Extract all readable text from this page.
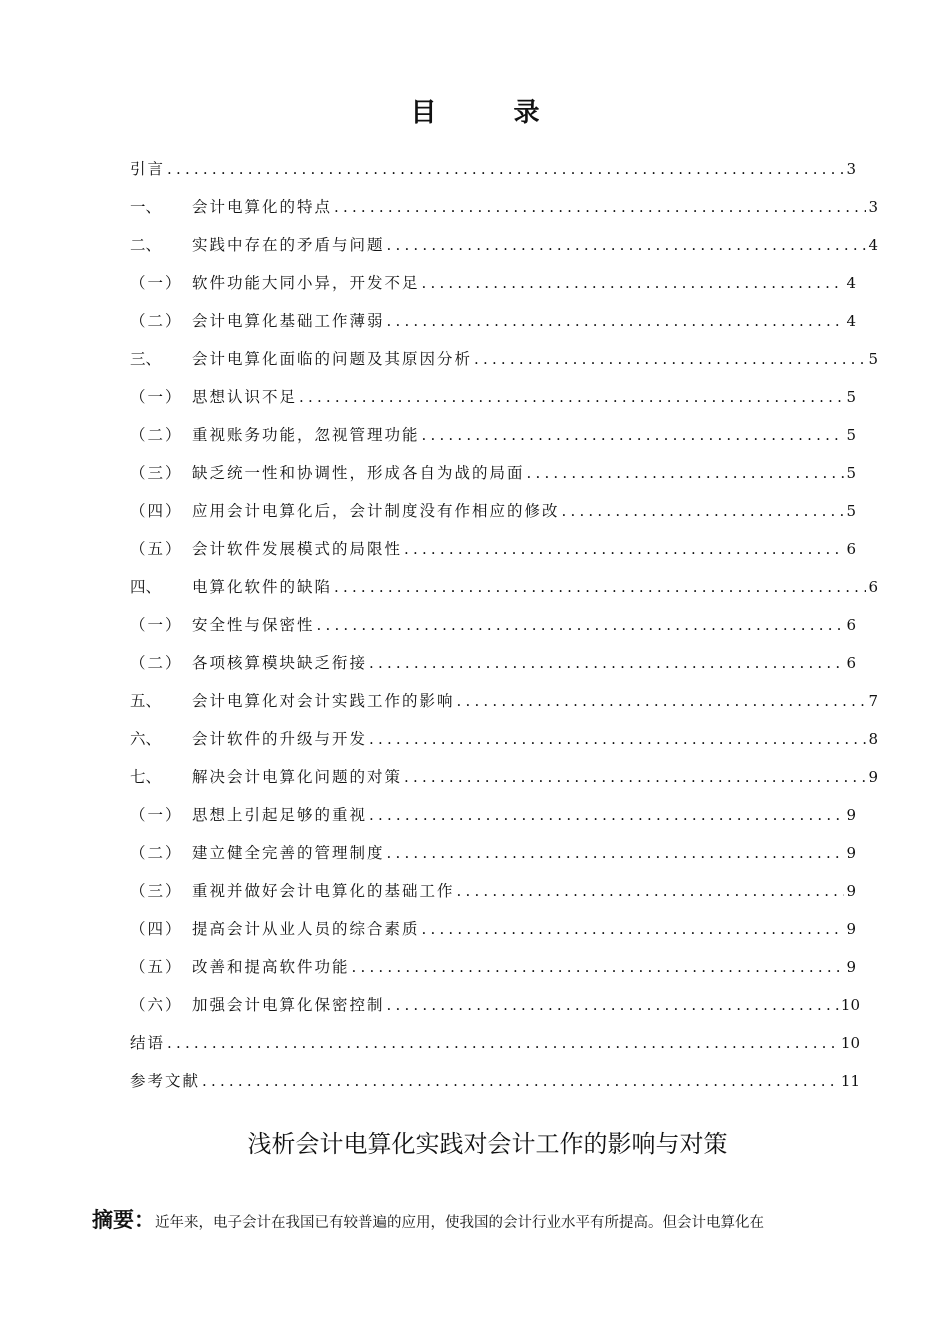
目 录
引言 .....	3
一、	会计电算化的特点 .....	3
二、	实践中存在的矛盾与问题 .....	4
（一） 软件功能大同小异，开发不足 .....	4
（二） 会计电算化基础工作薄弱 .....	4
三、	会计电算化面临的问题及其原因分析 .....	5
（一） 思想认识不足 .....	5
（二） 重视账务功能，忽视管理功能 .....	5
（三） 缺乏统一性和协调性，形成各自为战的局面 .....	5
（四） 应用会计电算化后，会计制度没有作相应的修改 .....	5
（五） 会计软件发展模式的局限性 .....	6
四、	电算化软件的缺陷 .....	6
（一） 安全性与保密性 .....	6
（二） 各项核算模块缺乏衔接 .....	6
五、	会计电算化对会计实践工作的影响 .....	7
六、	会计软件的升级与开发 .....	8
七、	解决会计电算化问题的对策 .....	9
（一） 思想上引起足够的重视 .....	9
（二） 建立健全完善的管理制度 .....	9
（三） 重视并做好会计电算化的基础工作 .....	9
（四） 提高会计从业人员的综合素质 .....	9
（五） 改善和提高软件功能 .....	9
（六） 加强会计电算化保密控制 .....	10
结语 .....	10
参考文献 .....	11
浅析会计电算化实践对会计工作的影响与对策
摘要：近年来，电子会计在我国已有较普遍的应用，使我国的会计行业水平有所提高。但会计电算化在
